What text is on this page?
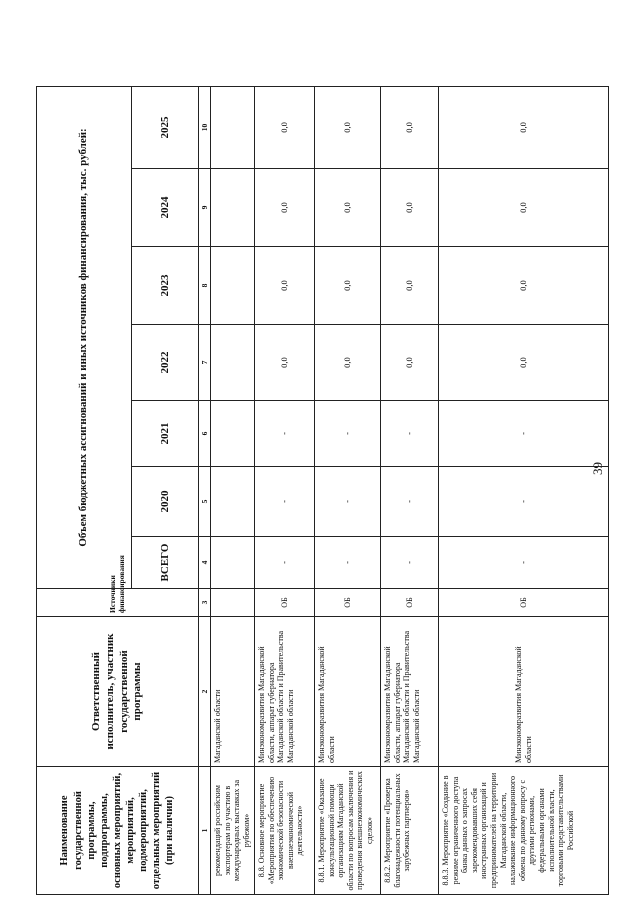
39
Наименование государственной программы, подпрограммы, основных мероприятий, мероприятий, подмероприятий, отдельных мероприятий (при наличии)	Ответственный исполнитель, участник государственной программы	Источники финансирования	Объем бюджетных ассигнований и иных источников финансирования, тыс. рублей:						
			ВСЕГО	2020	2021	2022	2023	2024	2025
1	2	3	4	5	6	7	8	9	10
рекомендаций российским экспортерам по участию в международных выставках за рубежом»	Магаданской области								
8.8. Основное мероприятие «Мероприятия по обеспечению экономической безопасности внешнеэкономической деятельности»	Минэкономразвития Магаданской области, аппарат губернатора Магаданской области и Правительства Магаданской области	ОБ	-	-	-	0,0	0,0	0,0	0,0
8.8.1. Мероприятие «Оказание консультационной помощи организациям Магаданской области по вопросам заключения и проведения внешнеэкономических сделок»	Минэкономразвития Магаданской области	ОБ	-	-	-	0,0	0,0	0,0	0,0
8.8.2. Мероприятие «Проверка благонадежности потенциальных зарубежных партнеров»	Минэкономразвития Магаданской области, аппарат губернатора Магаданской области и Правительства Магаданской области	ОБ	-	-	-	0,0	0,0	0,0	0,0
8.8.3. Мероприятие «Создание в режиме ограниченного доступа банка данных о запросах зарекомендовавших себя иностранных организаций и предпринимателей на территории Магаданской области, налаживание информационного обмена по данному вопросу с другими регионами, федеральными органами исполнительной власти, торговыми представительствами Российской	Минэкономразвития Магаданской области	ОБ	-	-	-	0,0	0,0	0,0	0,0
